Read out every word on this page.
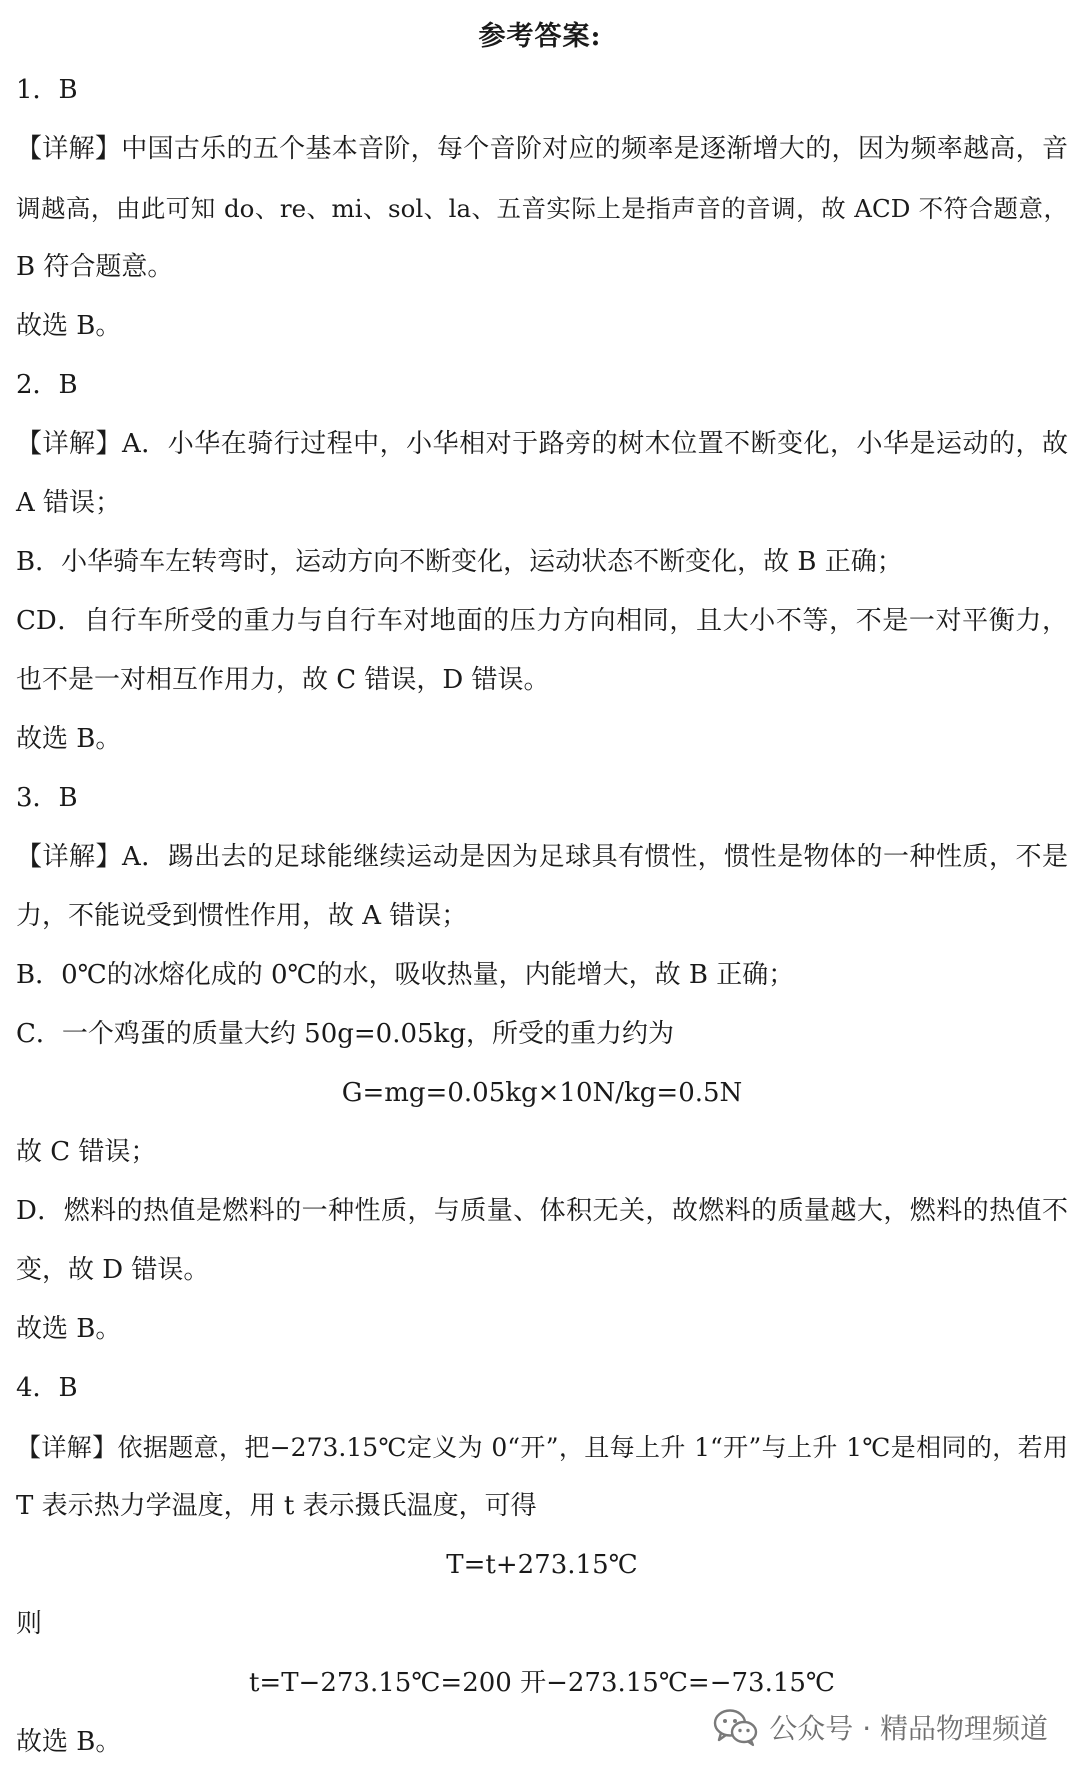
参考答案:
1．B
【详解】中国古乐的五个基本音阶，每个音阶对应的频率是逐渐增大的，因为频率越高，音
调越高，由此可知 do、re、mi、sol、la、五音实际上是指声音的音调，故 ACD 不符合题意，
B 符合题意。
故选 B。
2．B
【详解】A．小华在骑行过程中，小华相对于路旁的树木位置不断变化，小华是运动的，故
A 错误；
B．小华骑车左转弯时，运动方向不断变化，运动状态不断变化，故 B 正确；
CD．自行车所受的重力与自行车对地面的压力方向相同，且大小不等，不是一对平衡力，
也不是一对相互作用力，故 C 错误，D 错误。
故选 B。
3．B
【详解】A．踢出去的足球能继续运动是因为足球具有惯性，惯性是物体的一种性质，不是
力，不能说受到惯性作用，故 A 错误；
B．0℃的冰熔化成的 0℃的水，吸收热量，内能增大，故 B 正确；
C．一个鸡蛋的质量大约 50g=0.05kg，所受的重力约为
G=mg=0.05kg×10N/kg=0.5N
故 C 错误；
D．燃料的热值是燃料的一种性质，与质量、体积无关，故燃料的质量越大，燃料的热值不
变，故 D 错误。
故选 B。
4．B
【详解】依据题意，把−273.15℃定义为 0“开”，且每上升 1“开”与上升 1℃是相同的，若用
T 表示热力学温度，用 t 表示摄氏温度，可得
T=t+273.15℃
则
t=T−273.15℃=200 开−273.15℃=−73.15℃
故选 B。	公众号 · 精品物理频道
